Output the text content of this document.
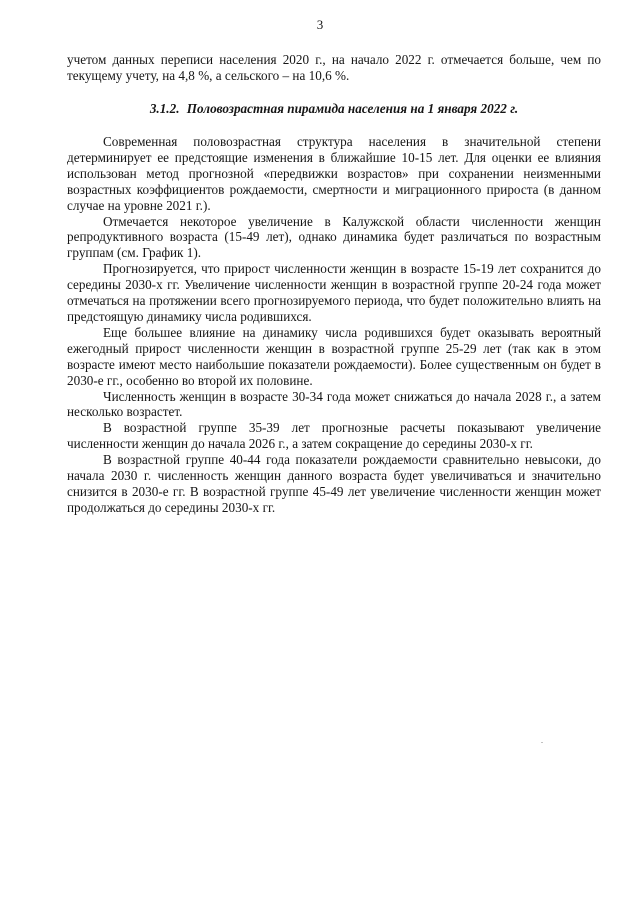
3

учетом данных переписи населения 2020 г., на начало 2022 г. отмечается больше, чем по текущему учету, на 4,8 %, а сельского – на 10,6 %.

3.1.2. Половозрастная пирамида населения на 1 января 2022 г.

Современная половозрастная структура населения в значительной степени детерминирует ее предстоящие изменения в ближайшие 10-15 лет. Для оценки ее влияния использован метод прогнозной «передвижки возрастов» при сохранении неизменными возрастных коэффициентов рождаемости, смертности и миграционного прироста (в данном случае на уровне 2021 г.).

Отмечается некоторое увеличение в Калужской области численности женщин репродуктивного возраста (15-49 лет), однако динамика будет различаться по возрастным группам (см. График 1).

Прогнозируется, что прирост численности женщин в возрасте 15-19 лет сохранится до середины 2030-х гг. Увеличение численности женщин в возрастной группе 20-24 года может отмечаться на протяжении всего прогнозируемого периода, что будет положительно влиять на предстоящую динамику числа родившихся.

Еще большее влияние на динамику числа родившихся будет оказывать вероятный ежегодный прирост численности женщин в возрастной группе 25-29 лет (так как в этом возрасте имеют место наибольшие показатели рождаемости). Более существенным он будет в 2030-е гг., особенно во второй их половине.

Численность женщин в возрасте 30-34 года может снижаться до начала 2028 г., а затем несколько возрастет.

В возрастной группе 35-39 лет прогнозные расчеты показывают увеличение численности женщин до начала 2026 г., а затем сокращение до середины 2030-х гг.

В возрастной группе 40-44 года показатели рождаемости сравнительно невысоки, до начала 2030 г. численность женщин данного возраста будет увеличиваться и значительно снизится в 2030-е гг. В возрастной группе 45-49 лет увеличение численности женщин может продолжаться до середины 2030-х гг.
